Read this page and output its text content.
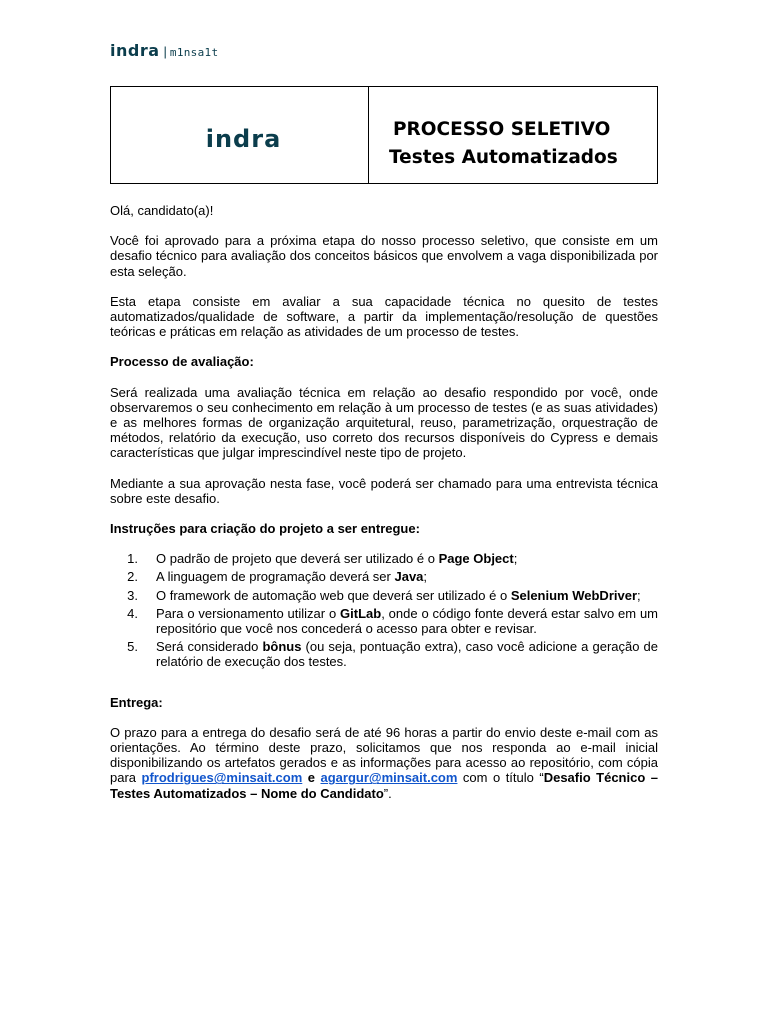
indra | m1nsa1t
indra	PROCESSO SELETIVO
Testes Automatizados

Olá, candidato(a)!

Você foi aprovado para a próxima etapa do nosso processo seletivo, que consiste em um desafio técnico para avaliação dos conceitos básicos que envolvem a vaga disponibilizada por esta seleção.

Esta etapa consiste em avaliar a sua capacidade técnica no quesito de testes automatizados/qualidade de software, a partir da implementação/resolução de questões teóricas e práticas em relação as atividades de um processo de testes.

Processo de avaliação:

Será realizada uma avaliação técnica em relação ao desafio respondido por você, onde observaremos o seu conhecimento em relação à um processo de testes (e as suas atividades) e as melhores formas de organização arquitetural, reuso, parametrização, orquestração de métodos, relatório da execução, uso correto dos recursos disponíveis do Cypress e demais características que julgar imprescindível neste tipo de projeto.

Mediante a sua aprovação nesta fase, você poderá ser chamado para uma entrevista técnica sobre este desafio.

Instruções para criação do projeto a ser entregue:

1.	O padrão de projeto que deverá ser utilizado é o Page Object;
2.	A linguagem de programação deverá ser Java;
3.	O framework de automação web que deverá ser utilizado é o Selenium WebDriver;
4.	Para o versionamento utilizar o GitLab, onde o código fonte deverá estar salvo em um repositório que você nos concederá o acesso para obter e revisar.
5.	Será considerado bônus (ou seja, pontuação extra), caso você adicione a geração de relatório de execução dos testes.

Entrega:

O prazo para a entrega do desafio será de até 96 horas a partir do envio deste e-mail com as orientações. Ao término deste prazo, solicitamos que nos responda ao e-mail inicial disponibilizando os artefatos gerados e as informações para acesso ao repositório, com cópia para pfrodrigues@minsait.com e agargur@minsait.com com o título “Desafio Técnico – Testes Automatizados – Nome do Candidato”.
